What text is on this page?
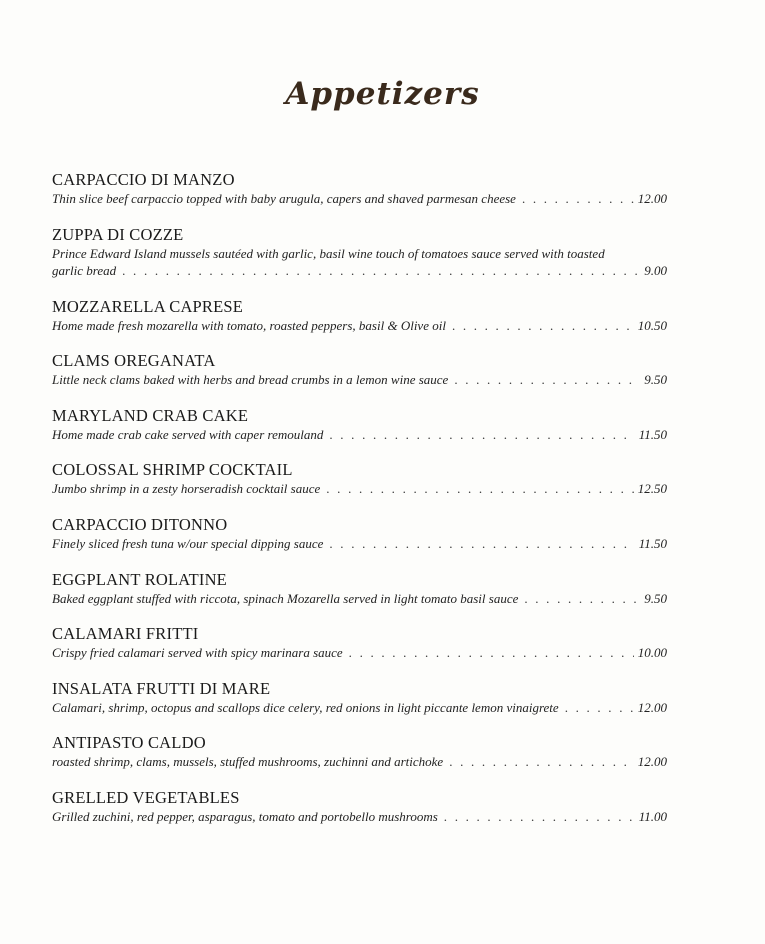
Appetizers
CARPACCIO DI MANZO
Thin slice beef carpaccio topped with baby arugula, capers and shaved parmesan cheese . . .	12.00
ZUPPA DI COZZE
Prince Edward Island mussels sautéed with garlic, basil wine touch of tomatoes sauce served with toasted
garlic bread . . .	9.00
MOZZARELLA CAPRESE
Home made fresh mozarella with tomato, roasted peppers, basil & Olive oil . . .	10.50
CLAMS OREGANATA
Little neck clams baked with herbs and bread crumbs in a lemon wine sauce . . .	9.50
MARYLAND CRAB CAKE
Home made crab cake served with caper remouland . . .	11.50
COLOSSAL SHRIMP COCKTAIL
Jumbo shrimp in a zesty horseradish cocktail sauce . . .	12.50
CARPACCIO DITONNO
Finely sliced fresh tuna w/our special dipping sauce . . .	11.50
EGGPLANT ROLATINE
Baked eggplant stuffed with riccota, spinach Mozarella served in light tomato basil sauce . . .	9.50
CALAMARI FRITTI
Crispy fried calamari served with spicy marinara sauce . . .	10.00
INSALATA FRUTTI DI MARE
Calamari, shrimp, octopus and scallops dice celery, red onions in light piccante lemon vinaigrete . . .	12.00
ANTIPASTO CALDO
roasted shrimp, clams, mussels, stuffed mushrooms, zuchinni and artichoke . . .	12.00
GRELLED VEGETABLES
Grilled zuchini, red pepper, asparagus, tomato and portobello mushrooms . . .	11.00
